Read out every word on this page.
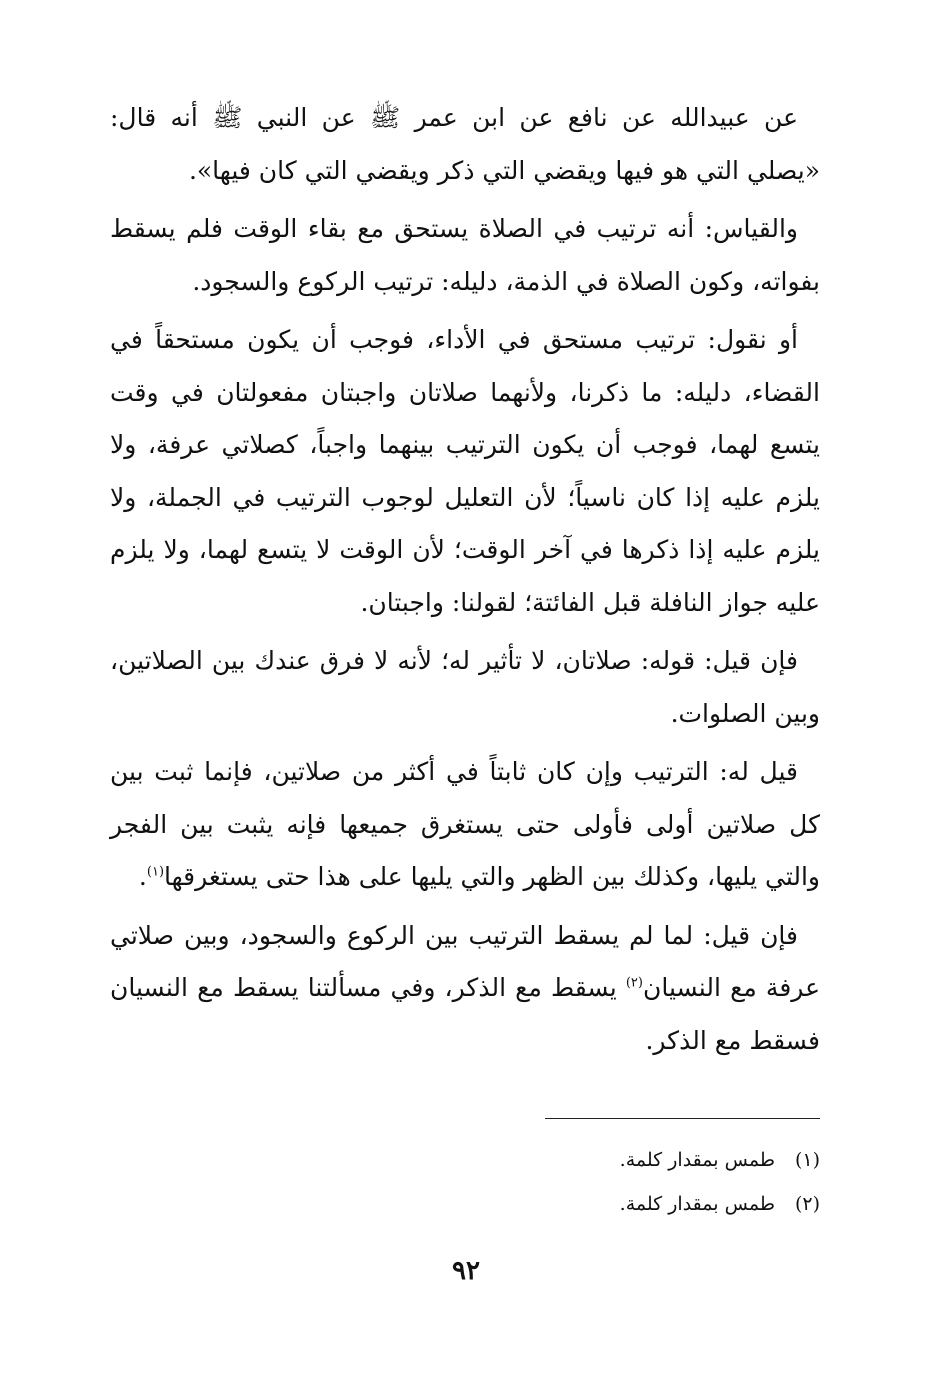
عن عبيدالله عن نافع عن ابن عمر ﷺ عن النبي ﷺ أنه قال: «يصلي التي هو فيها ويقضي التي ذكر ويقضي التي كان فيها».

والقياس: أنه ترتيب في الصلاة يستحق مع بقاء الوقت فلم يسقط بفواته، وكون الصلاة في الذمة، دليله: ترتيب الركوع والسجود.

أو نقول: ترتيب مستحق في الأداء، فوجب أن يكون مستحقاً في القضاء، دليله: ما ذكرنا، ولأنهما صلاتان واجبتان مفعولتان في وقت يتسع لهما، فوجب أن يكون الترتيب بينهما واجباً، كصلاتي عرفة، ولا يلزم عليه إذا كان ناسياً؛ لأن التعليل لوجوب الترتيب في الجملة، ولا يلزم عليه إذا ذكرها في آخر الوقت؛ لأن الوقت لا يتسع لهما، ولا يلزم عليه جواز النافلة قبل الفائتة؛ لقولنا: واجبتان.

فإن قيل: قوله: صلاتان، لا تأثير له؛ لأنه لا فرق عندك بين الصلاتين، وبين الصلوات.

قيل له: الترتيب وإن كان ثابتاً في أكثر من صلاتين، فإنما ثبت بين كل صلاتين أولى فأولى حتى يستغرق جميعها فإنه يثبت بين الفجر والتي يليها، وكذلك بين الظهر والتي يليها على هذا حتى يستغرقها$^{(١)}$.

فإن قيل: لما لم يسقط الترتيب بين الركوع والسجود، وبين صلاتي عرفة مع النسيان$^{(٢)}$ يسقط مع الذكر، وفي مسألتنا يسقط مع النسيان فسقط مع الذكر.

(١)طمس بمقدار كلمة.
(٢)طمس بمقدار كلمة.
٩٢
